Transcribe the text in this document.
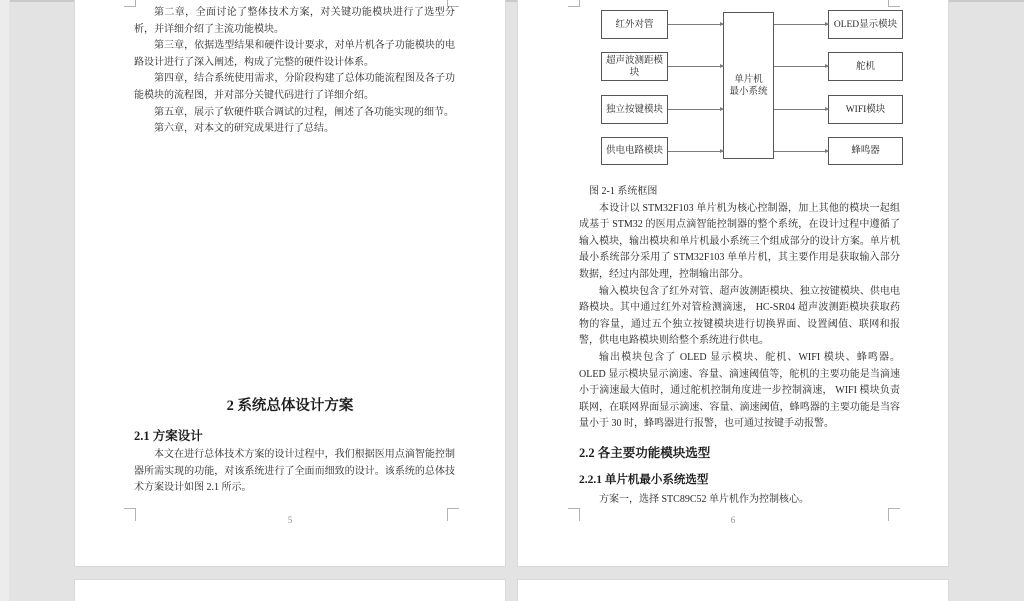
第二章，全面讨论了整体技术方案，对关键功能模块进行了选型分析，并详细介绍了主流功能模块。

第三章，依据选型结果和硬件设计要求，对单片机各子功能模块的电路设计进行了深入阐述，构成了完整的硬件设计体系。

第四章，结合系统使用需求，分阶段构建了总体功能流程图及各子功能模块的流程图，并对部分关键代码进行了详细介绍。

第五章，展示了软硬件联合调试的过程，阐述了各功能实现的细节。

第六章，对本文的研究成果进行了总结。

2 系统总体设计方案
2.1 方案设计

本文在进行总体技术方案的设计过程中，我们根据医用点滴智能控制器所需实现的功能，对该系统进行了全面而细致的设计。该系统的总体技术方案设计如图 2.1 所示。

5
红外对管
超声波测距模块
独立按键模块
供电电路模块
单片机
最小系统
OLED显示模块
舵机
WIFI模块
蜂鸣器

图 2-1 系统框图

本设计以 STM32F103 单片机为核心控制器，加上其他的模块一起组成基于 STM32 的医用点滴智能控制器的整个系统，在设计过程中遵循了输入模块，输出模块和单片机最小系统三个组成部分的设计方案。单片机最小系统部分采用了 STM32F103 单单片机，其主要作用是获取输入部分数据，经过内部处理，控制输出部分。

输入模块包含了红外对管、超声波测距模块、独立按键模块、供电电路模块。其中通过红外对管检测滴速， HC-SR04 超声波测距模块获取药物的容量，通过五个独立按键模块进行切换界面、设置阈值、联网和报警，供电电路模块则给整个系统进行供电。

输出模块包含了 OLED 显示模块、舵机、WIFI 模块、蜂鸣器。OLED 显示模块显示滴速、容量、滴速阈值等，舵机的主要功能是当滴速小于滴速最大值时，通过舵机控制角度进一步控制滴速， WIFI 模块负责联网，在联网界面显示滴速、容量、滴速阈值，蜂鸣器的主要功能是当容量小于 30 时，蜂鸣器进行报警，也可通过按键手动报警。

2.2 各主要功能模块选型
2.2.1 单片机最小系统选型

方案一，选择 STC89C52 单片机作为控制核心。

6
